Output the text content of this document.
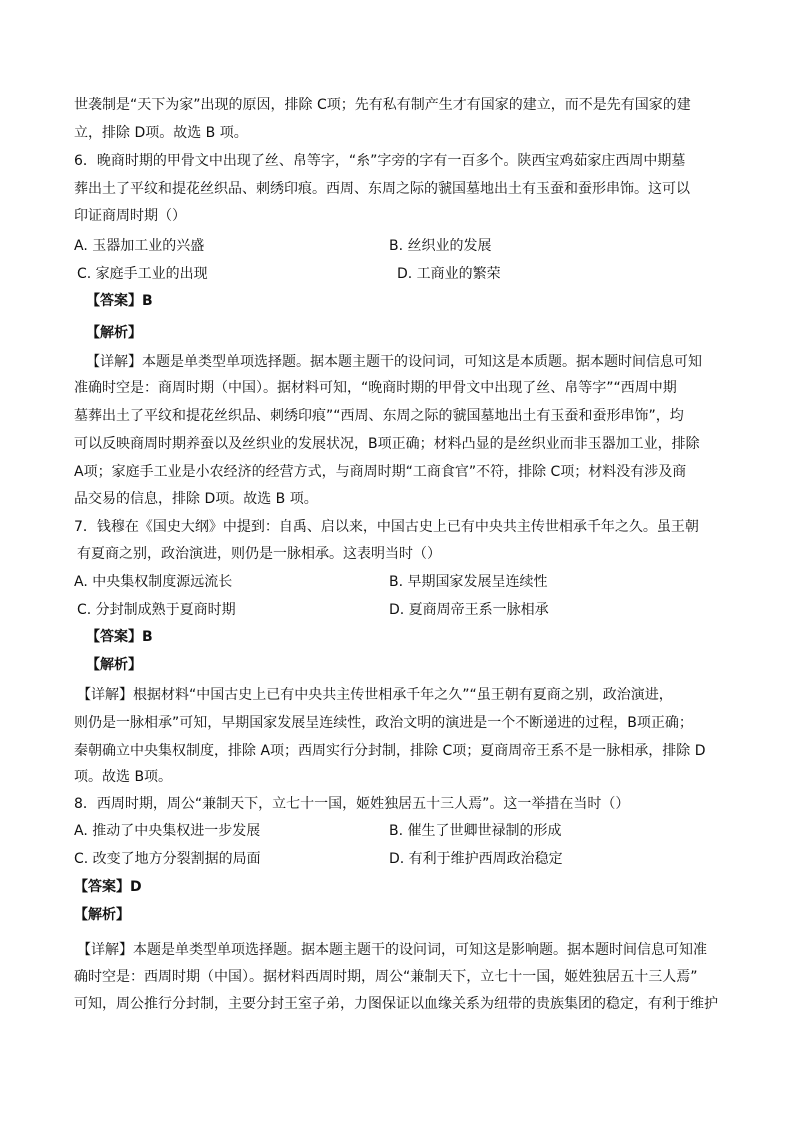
世袭制是“天下为家”出现的原因，排除 C项；先有私有制产生才有国家的建立，而不是先有国家的建
立，排除 D项。故选 B 项。
6．晚商时期的甲骨文中出现了丝、帛等字，“糸”字旁的字有一百多个。陕西宝鸡茹家庄西周中期墓
葬出土了平纹和提花丝织品、刺绣印痕。西周、东周之际的虢国墓地出土有玉蚕和蚕形串饰。这可以
印证商周时期（）
A. 玉器加工业的兴盛	B. 丝织业的发展
C. 家庭手工业的出现	D. 工商业的繁荣
【答案】B
【解析】
【详解】本题是单类型单项选择题。据本题主题干的设问词，可知这是本质题。据本题时间信息可知
准确时空是：商周时期（中国）。据材料可知，“晚商时期的甲骨文中出现了丝、帛等字”“西周中期
墓葬出土了平纹和提花丝织品、刺绣印痕”“西周、东周之际的虢国墓地出土有玉蚕和蚕形串饰”，均
可以反映商周时期养蚕以及丝织业的发展状况，B项正确；材料凸显的是丝织业而非玉器加工业，排除
A项；家庭手工业是小农经济的经营方式，与商周时期“工商食官”不符，排除 C项；材料没有涉及商
品交易的信息，排除 D项。故选 B 项。
7．钱穆在《国史大纲》中提到：自禹、启以来，中国古史上已有中央共主传世相承千年之久。虽王朝
有夏商之别，政治演进，则仍是一脉相承。这表明当时（）
A. 中央集权制度源远流长	B. 早期国家发展呈连续性
C. 分封制成熟于夏商时期	D. 夏商周帝王系一脉相承
【答案】B
【解析】
【详解】根据材料“中国古史上已有中央共主传世相承千年之久”“虽王朝有夏商之别，政治演进，
则仍是一脉相承”可知，早期国家发展呈连续性，政治文明的演进是一个不断递进的过程，B项正确；
秦朝确立中央集权制度，排除 A项；西周实行分封制，排除 C项；夏商周帝王系不是一脉相承，排除 D
项。故选 B项。
8．西周时期，周公“兼制天下，立七十一国，姬姓独居五十三人焉”。这一举措在当时（）
A. 推动了中央集权进一步发展	B. 催生了世卿世禄制的形成
C. 改变了地方分裂割据的局面	D. 有利于维护西周政治稳定
【答案】D
【解析】
【详解】本题是单类型单项选择题。据本题主题干的设问词，可知这是影响题。据本题时间信息可知准
确时空是：西周时期（中国）。据材料西周时期，周公“兼制天下，立七十一国，姬姓独居五十三人焉”
可知，周公推行分封制，主要分封王室子弟，力图保证以血缘关系为纽带的贵族集团的稳定，有利于维护
